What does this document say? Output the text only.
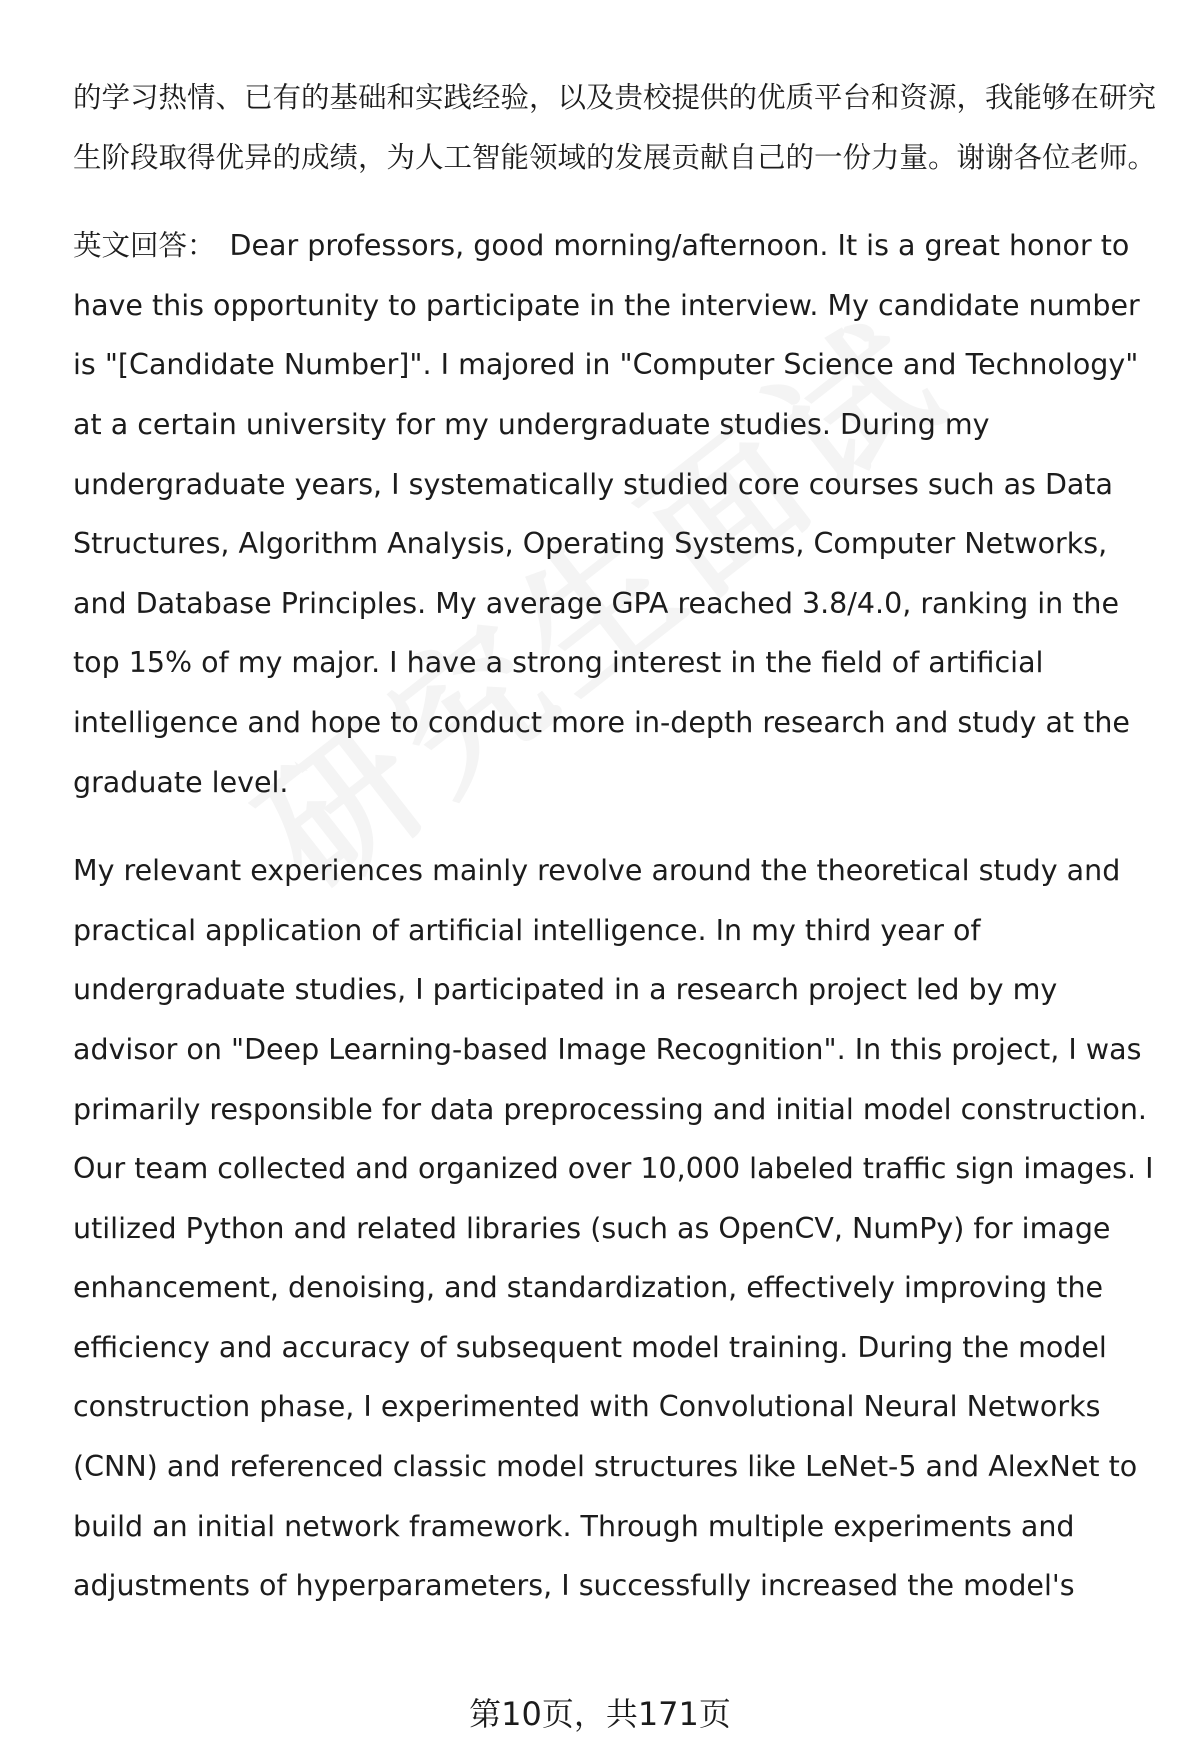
的学习热情、已有的基础和实践经验，以及贵校提供的优质平台和资源，我能够在研究生阶段取得优异的成绩，为人工智能领域的发展贡献自己的一份力量。谢谢各位老师。

英文回答： Dear professors, good morning/afternoon. It is a great honor to have this opportunity to participate in the interview. My candidate number is "[Candidate Number]". I majored in "Computer Science and Technology" at a certain university for my undergraduate studies. During my undergraduate years, I systematically studied core courses such as Data Structures, Algorithm Analysis, Operating Systems, Computer Networks, and Database Principles. My average GPA reached 3.8/4.0, ranking in the top 15% of my major. I have a strong interest in the field of artificial intelligence and hope to conduct more in-depth research and study at the graduate level.

My relevant experiences mainly revolve around the theoretical study and practical application of artificial intelligence. In my third year of undergraduate studies, I participated in a research project led by my advisor on "Deep Learning-based Image Recognition". In this project, I was primarily responsible for data preprocessing and initial model construction. Our team collected and organized over 10,000 labeled traffic sign images. I utilized Python and related libraries (such as OpenCV, NumPy) for image enhancement, denoising, and standardization, effectively improving the efficiency and accuracy of subsequent model training. During the model construction phase, I experimented with Convolutional Neural Networks (CNN) and referenced classic model structures like LeNet-5 and AlexNet to build an initial network framework. Through multiple experiments and adjustments of hyperparameters, I successfully increased the model's

第10页，共171页
